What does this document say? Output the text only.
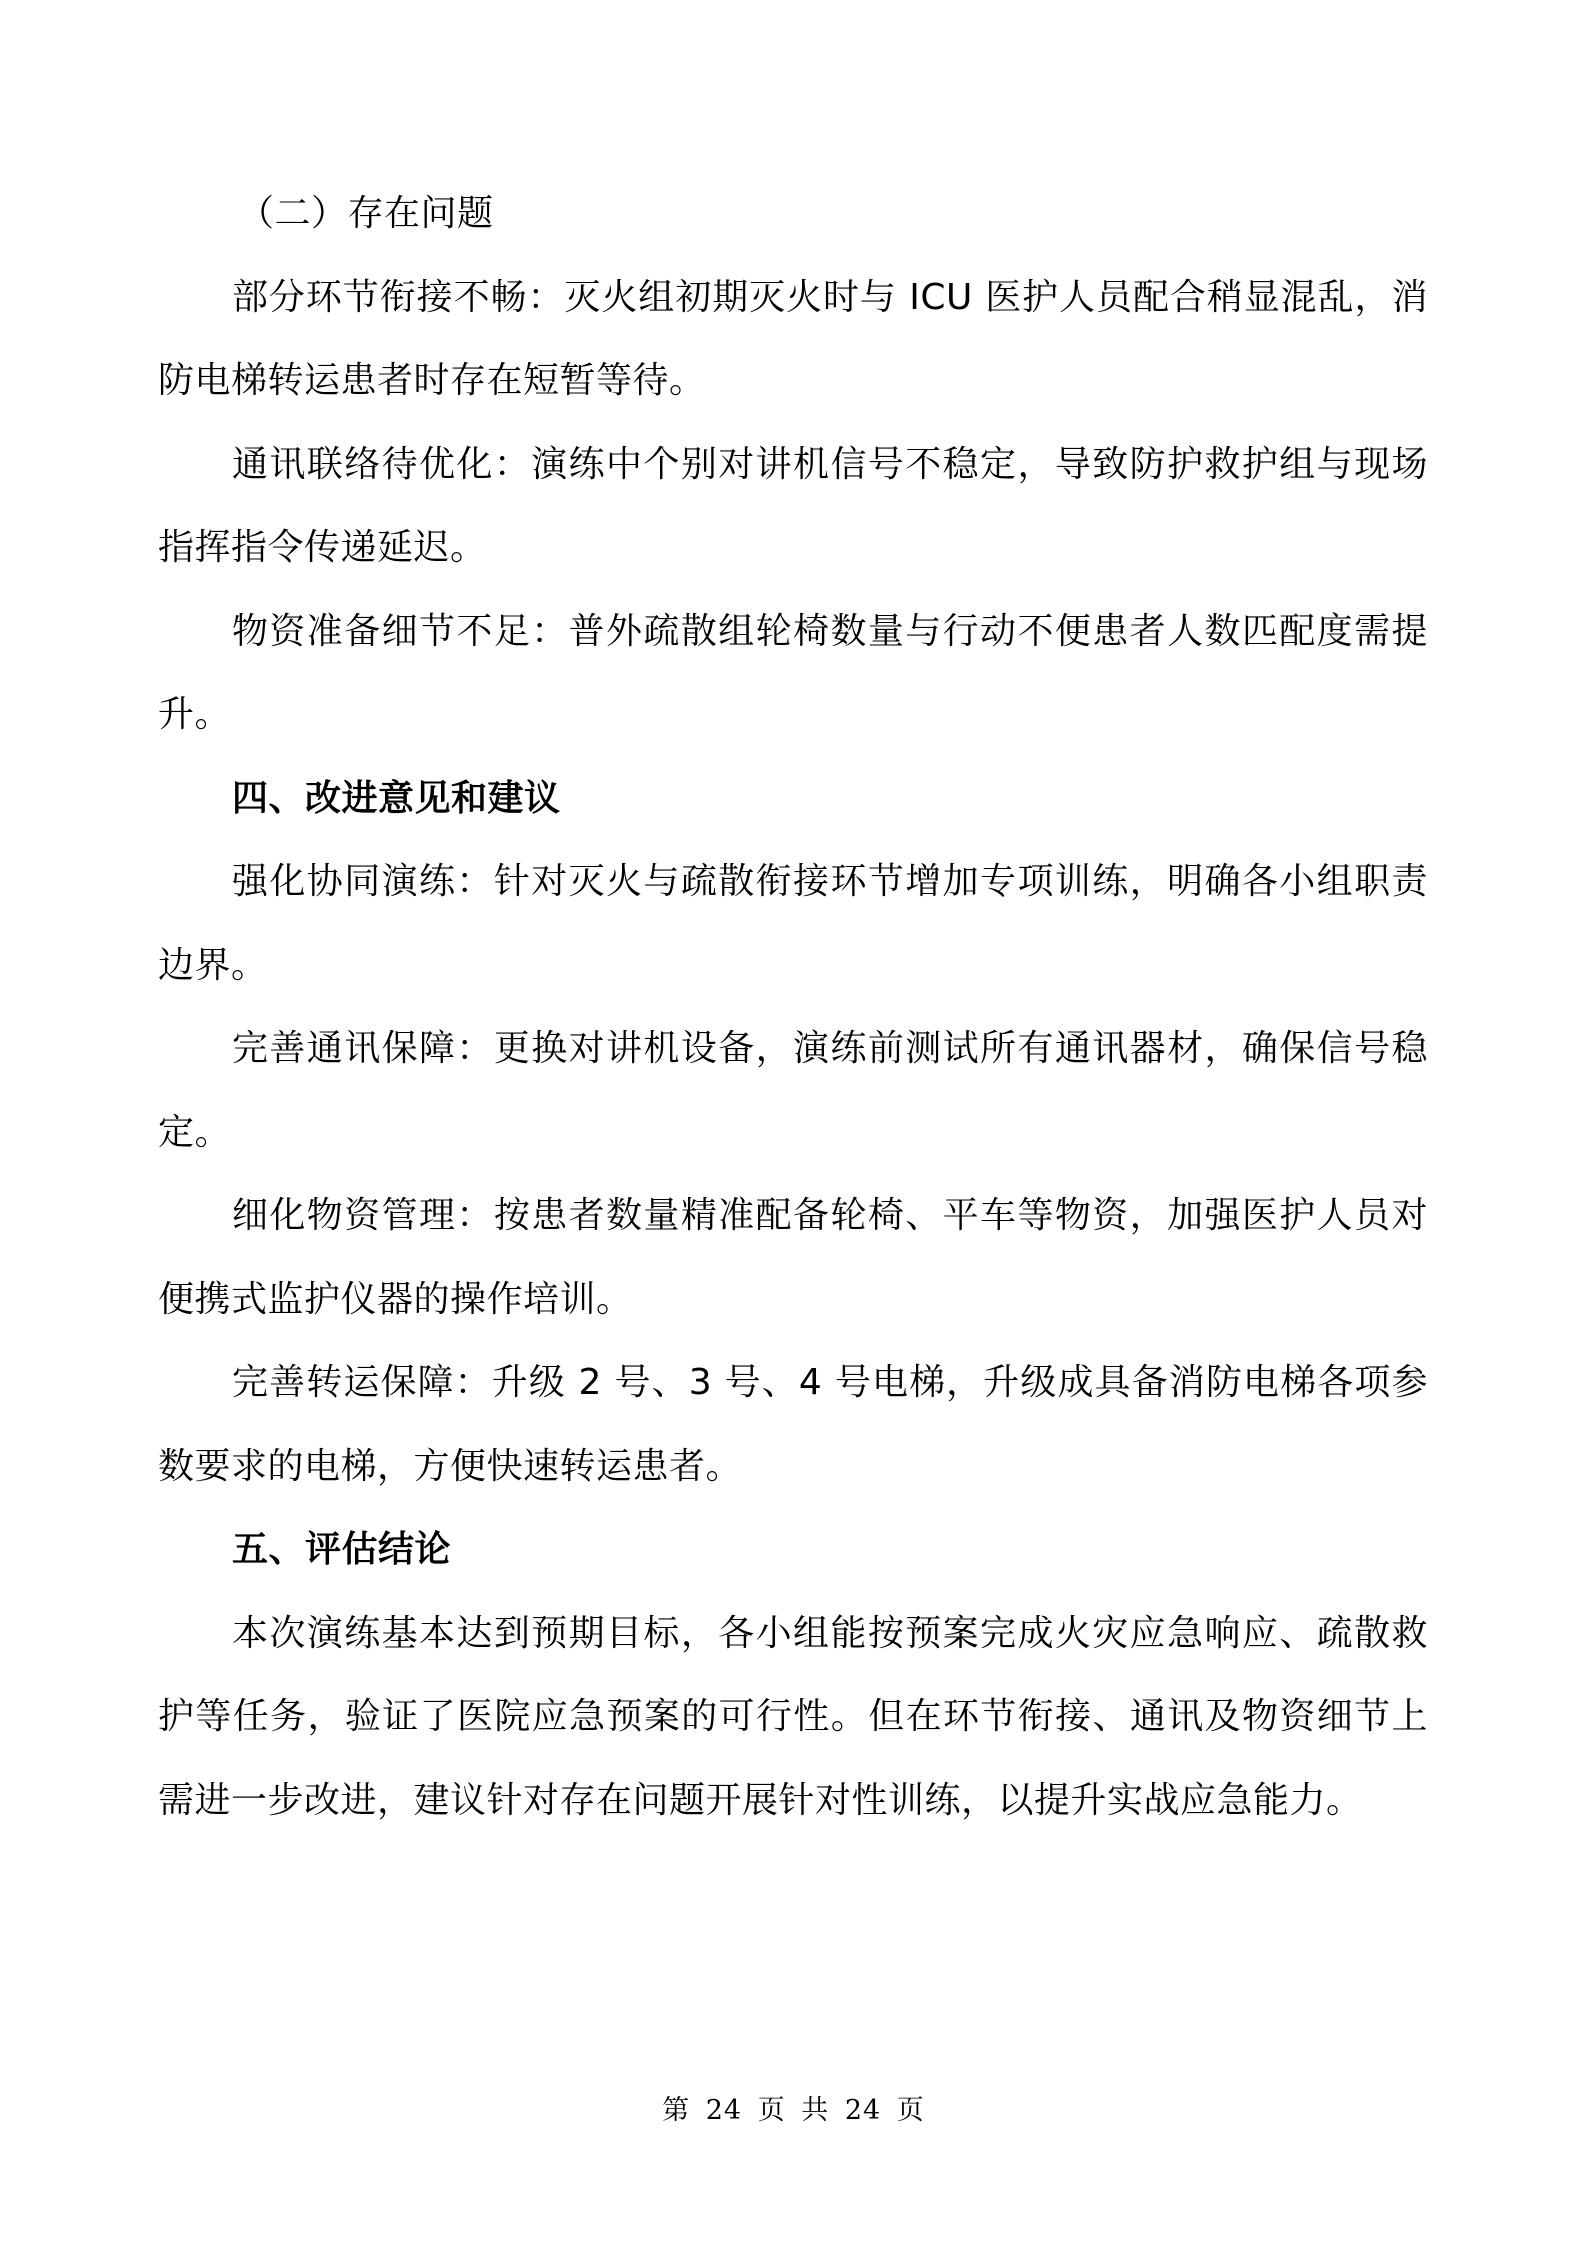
（二）存在问题

部分环节衔接不畅：灭火组初期灭火时与 ICU 医护人员配合稍显混乱，消防电梯转运患者时存在短暂等待。

通讯联络待优化：演练中个别对讲机信号不稳定，导致防护救护组与现场指挥指令传递延迟。

物资准备细节不足：普外疏散组轮椅数量与行动不便患者人数匹配度需提升。

四、改进意见和建议

强化协同演练：针对灭火与疏散衔接环节增加专项训练，明确各小组职责边界。

完善通讯保障：更换对讲机设备，演练前测试所有通讯器材，确保信号稳定。

细化物资管理：按患者数量精准配备轮椅、平车等物资，加强医护人员对便携式监护仪器的操作培训。

完善转运保障：升级 2 号、3 号、4 号电梯，升级成具备消防电梯各项参数要求的电梯，方便快速转运患者。

五、评估结论

本次演练基本达到预期目标，各小组能按预案完成火灾应急响应、疏散救护等任务，验证了医院应急预案的可行性。但在环节衔接、通讯及物资细节上需进一步改进，建议针对存在问题开展针对性训练，以提升实战应急能力。

第 24 页 共 24 页
